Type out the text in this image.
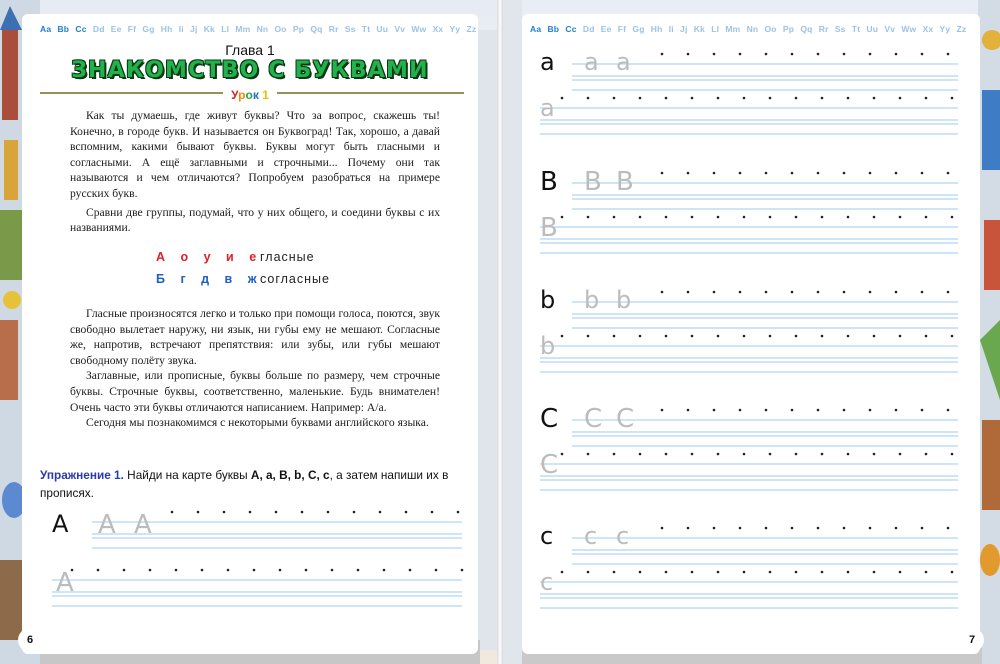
Aa Bb Cc Dd Ee Ff Gg Hh Ii Jj Kk Ll Mm Nn Oo Pp Qq Rr Ss Tt Uu Vv Ww Xx Yy Zz
Глава 1
ЗНАКОМСТВО С БУКВАМИ
Урок 1

Как ты думаешь, где живут буквы? Что за вопрос, скажешь ты! Конечно, в городе букв. И называется он Буквоград! Так, хорошо, а давай вспомним, какими бывают буквы. Буквы могут быть гласными и согласными. А ещё заглавными и строчными... Почему они так называются и чем отличаются? Попробуем разобраться на примере русских букв.

Сравни две группы, подумай, что у них общего, и соедини буквы с их названиями.

А о у и е
гласные
Б г д в ж
согласные

Гласные произносятся легко и только при помощи голоса, поются, звук свободно вылетает наружу, ни язык, ни губы ему не мешают. Согласные же, напротив, встречают препятствия: или зубы, или губы мешают свободному полёту звука.

Заглавные, или прописные, буквы больше по размеру, чем строчные буквы. Строчные буквы, соответственно, маленькие. Будь внимателен! Очень часто эти буквы отличаются написанием. Например: А/а.

Сегодня мы познакомимся с некоторыми буквами английского языка.

Упражнение 1. Найди на карте буквы A, a, B, b, C, c, а затем напиши их в прописях.
A A A
A
6
Aa Bb Cc Dd Ee Ff Gg Hh Ii Jj Kk Ll Mm Nn Oo Pp Qq Rr Ss Tt Uu Vv Ww Xx Yy Zz
a a a
a
B B B
B
b b b
b
C C C
C
c c c
c
7
